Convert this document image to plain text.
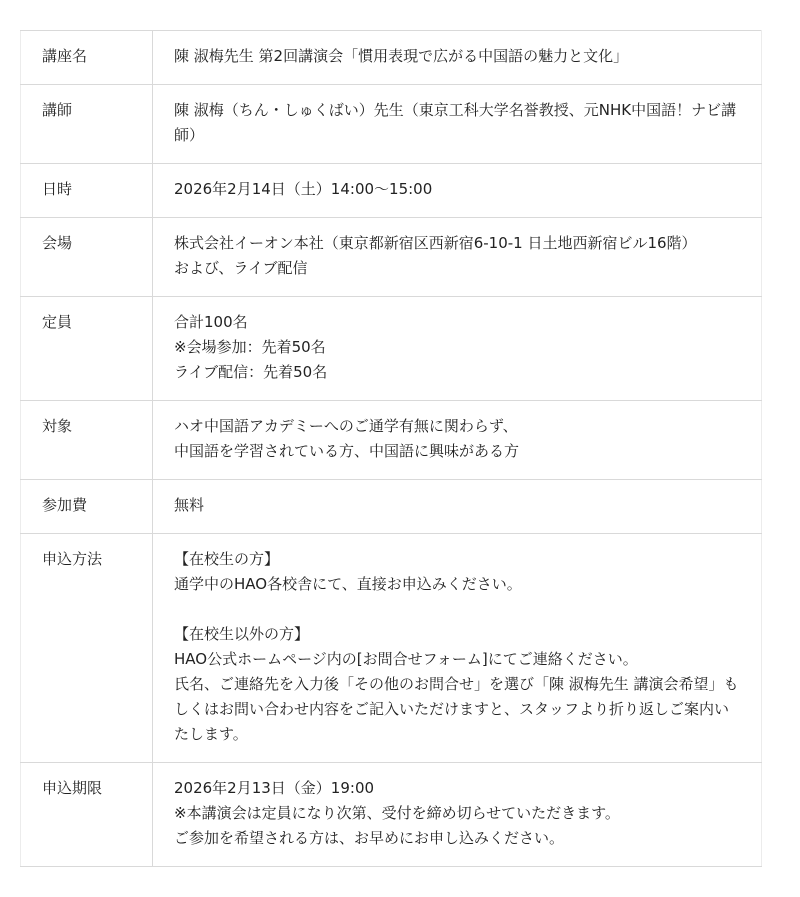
講座名	陳 淑梅先生 第2回講演会「慣用表現で広がる中国語の魅力と文化」

講師	陳 淑梅（ちん・しゅくばい）先生（東京工科大学名誉教授、元NHK中国語！ナビ講師）

日時	2026年2月14日（土）14:00〜15:00

会場	株式会社イーオン本社（東京都新宿区西新宿6-10-1 日土地西新宿ビル16階）
および、ライブ配信

定員	合計100名
※会場参加：先着50名
ライブ配信：先着50名

対象	ハオ中国語アカデミーへのご通学有無に関わらず、
中国語を学習されている方、中国語に興味がある方

参加費	無料

申込方法	【在校生の方】
通学中のHAO各校舎にて、直接お申込みください。
【在校生以外の方】
HAO公式ホームページ内の[お問合せフォーム]にてご連絡ください。
氏名、ご連絡先を入力後「その他のお問合せ」を選び「陳 淑梅先生 講演会希望」もしくはお問い合わせ内容をご記入いただけますと、スタッフより折り返しご案内いたします。

申込期限	2026年2月13日（金）19:00
※本講演会は定員になり次第、受付を締め切らせていただきます。
ご参加を希望される方は、お早めにお申し込みください。
